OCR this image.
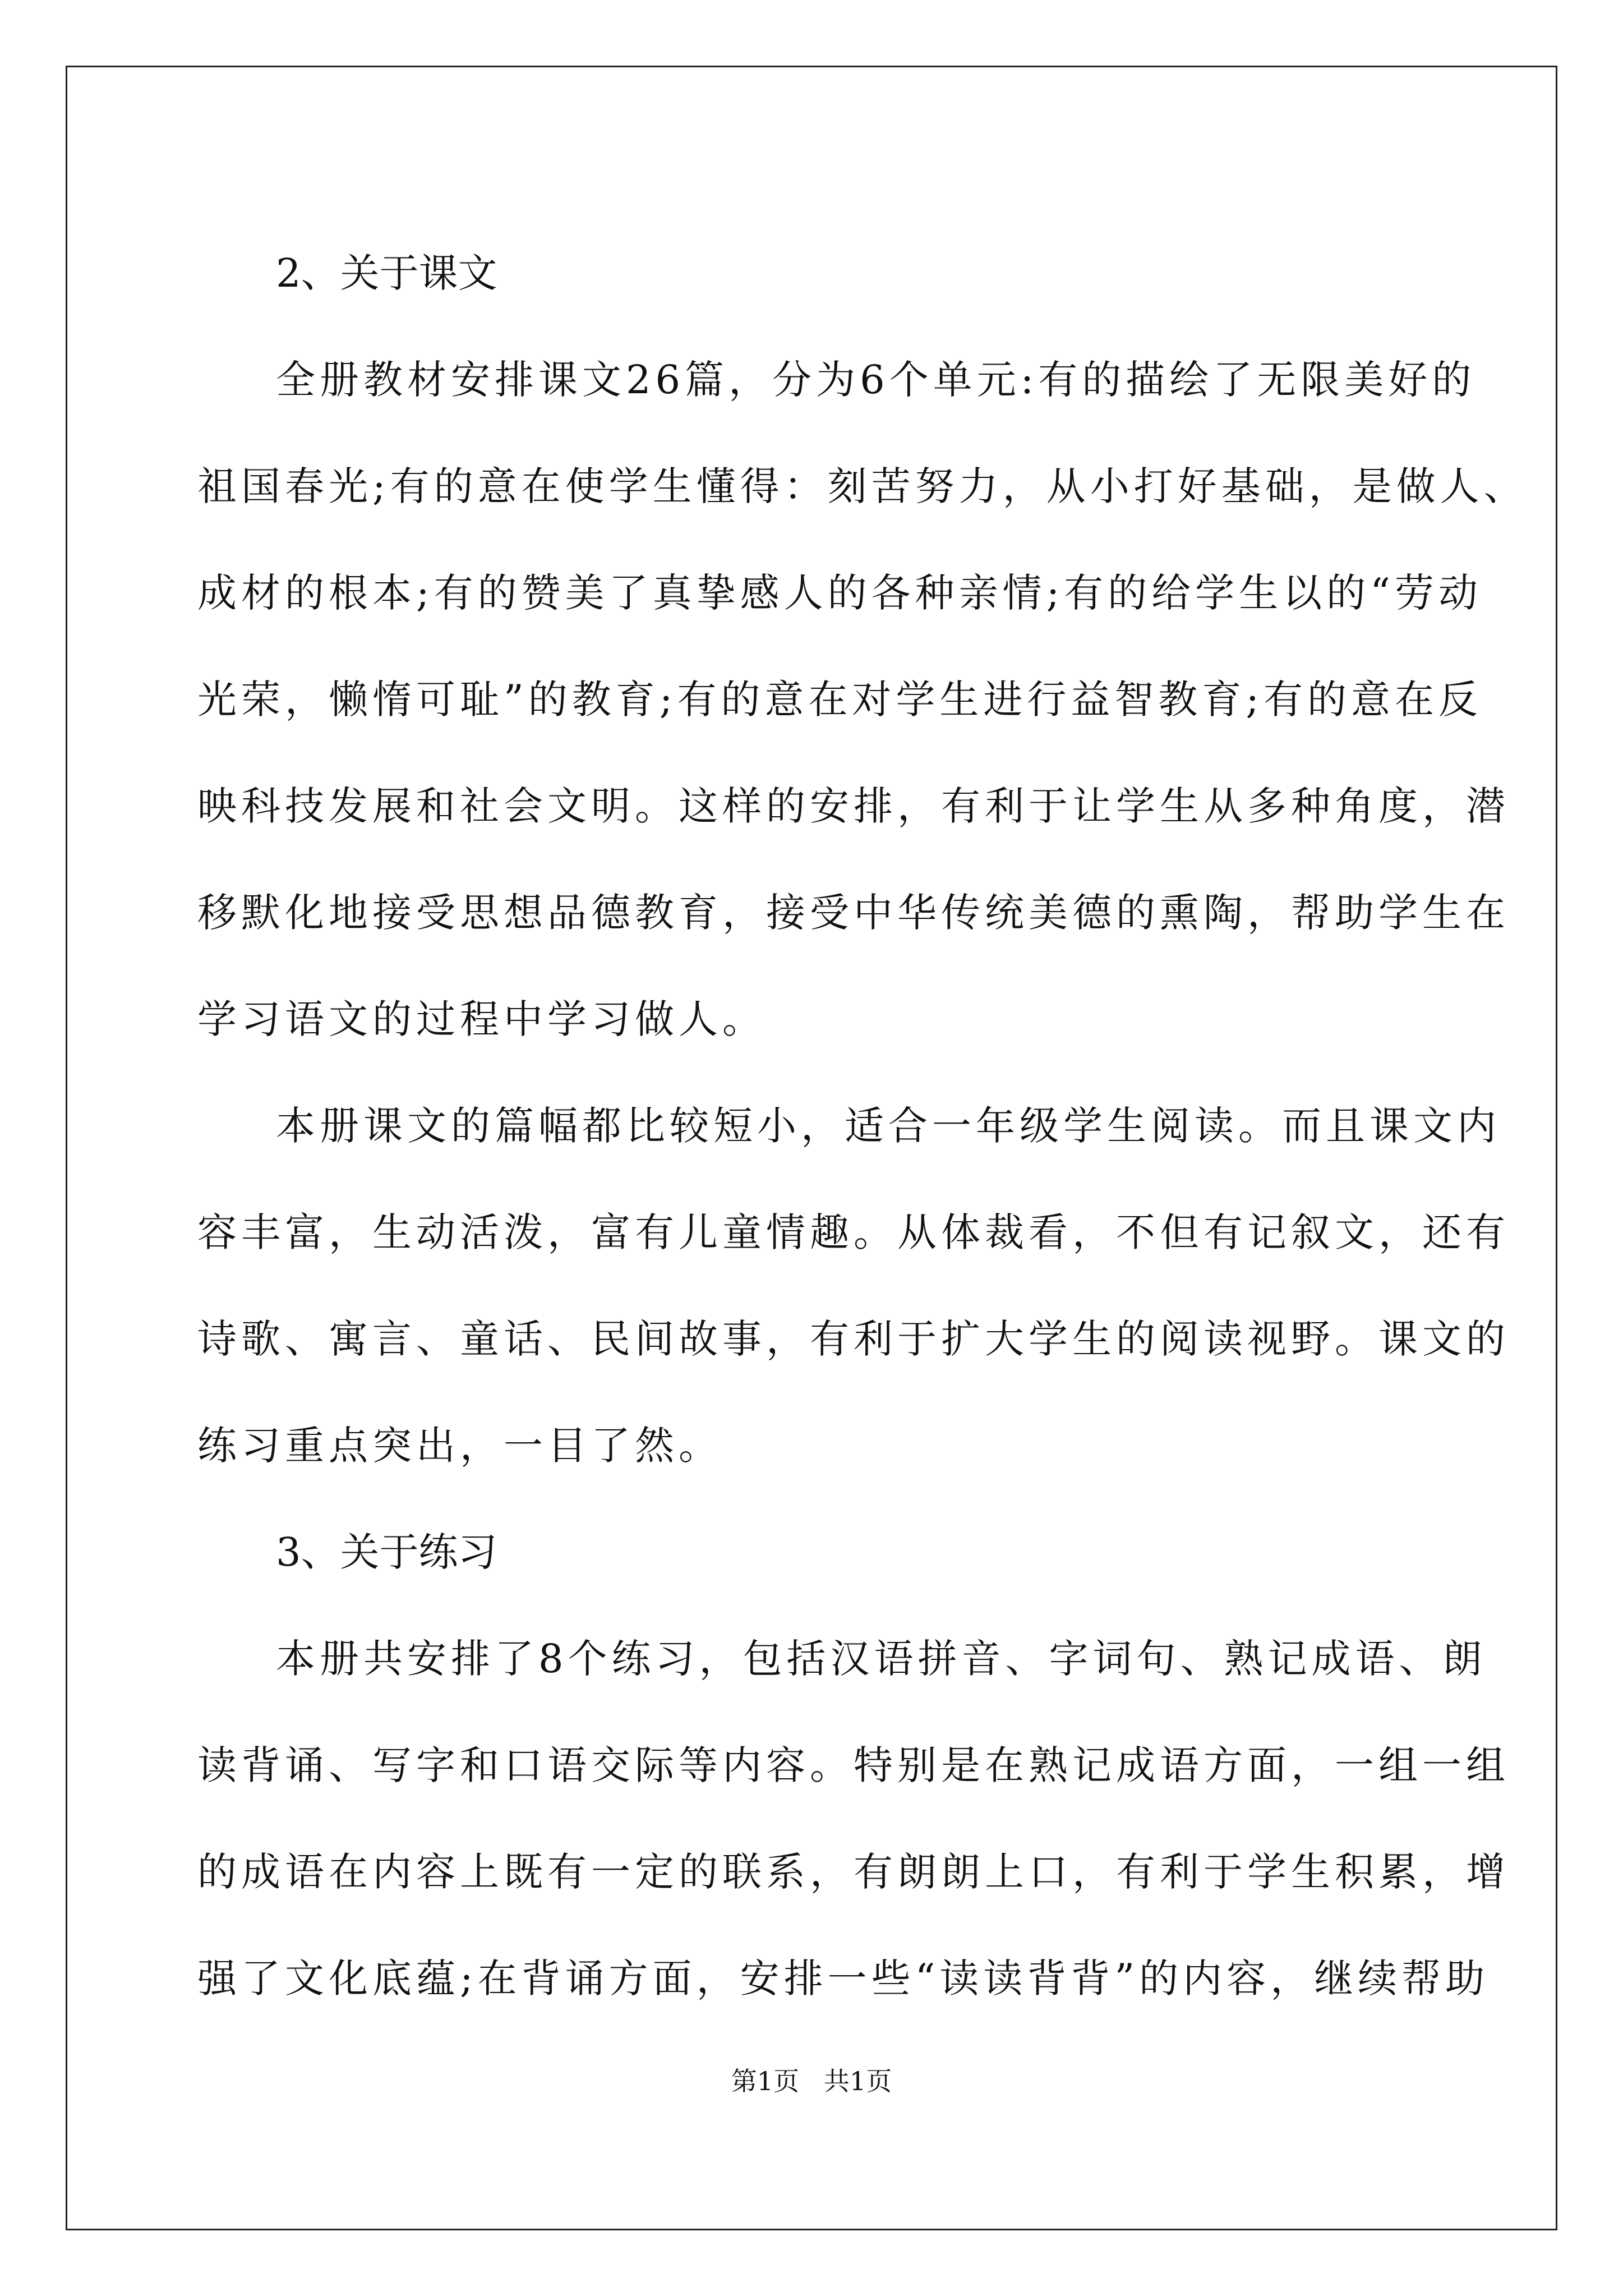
2、关于课文

全册教材安排课文26篇，分为6个单元:有的描绘了无限美好的
祖国春光;有的意在使学生懂得：刻苦努力，从小打好基础，是做人、
成材的根本;有的赞美了真挚感人的各种亲情;有的给学生以的“劳动
光荣，懒惰可耻”的教育;有的意在对学生进行益智教育;有的意在反
映科技发展和社会文明。这样的安排，有利于让学生从多种角度，潜
移默化地接受思想品德教育，接受中华传统美德的熏陶，帮助学生在
学习语文的过程中学习做人。
本册课文的篇幅都比较短小，适合一年级学生阅读。而且课文内
容丰富，生动活泼，富有儿童情趣。从体裁看，不但有记叙文，还有
诗歌、寓言、童话、民间故事，有利于扩大学生的阅读视野。课文的
练习重点突出，一目了然。

3、关于练习

本册共安排了8个练习，包括汉语拼音、字词句、熟记成语、朗
读背诵、写字和口语交际等内容。特别是在熟记成语方面，一组一组
的成语在内容上既有一定的联系，有朗朗上口，有利于学生积累，增
强了文化底蕴;在背诵方面，安排一些“读读背背”的内容，继续帮助
第1页   共1页
